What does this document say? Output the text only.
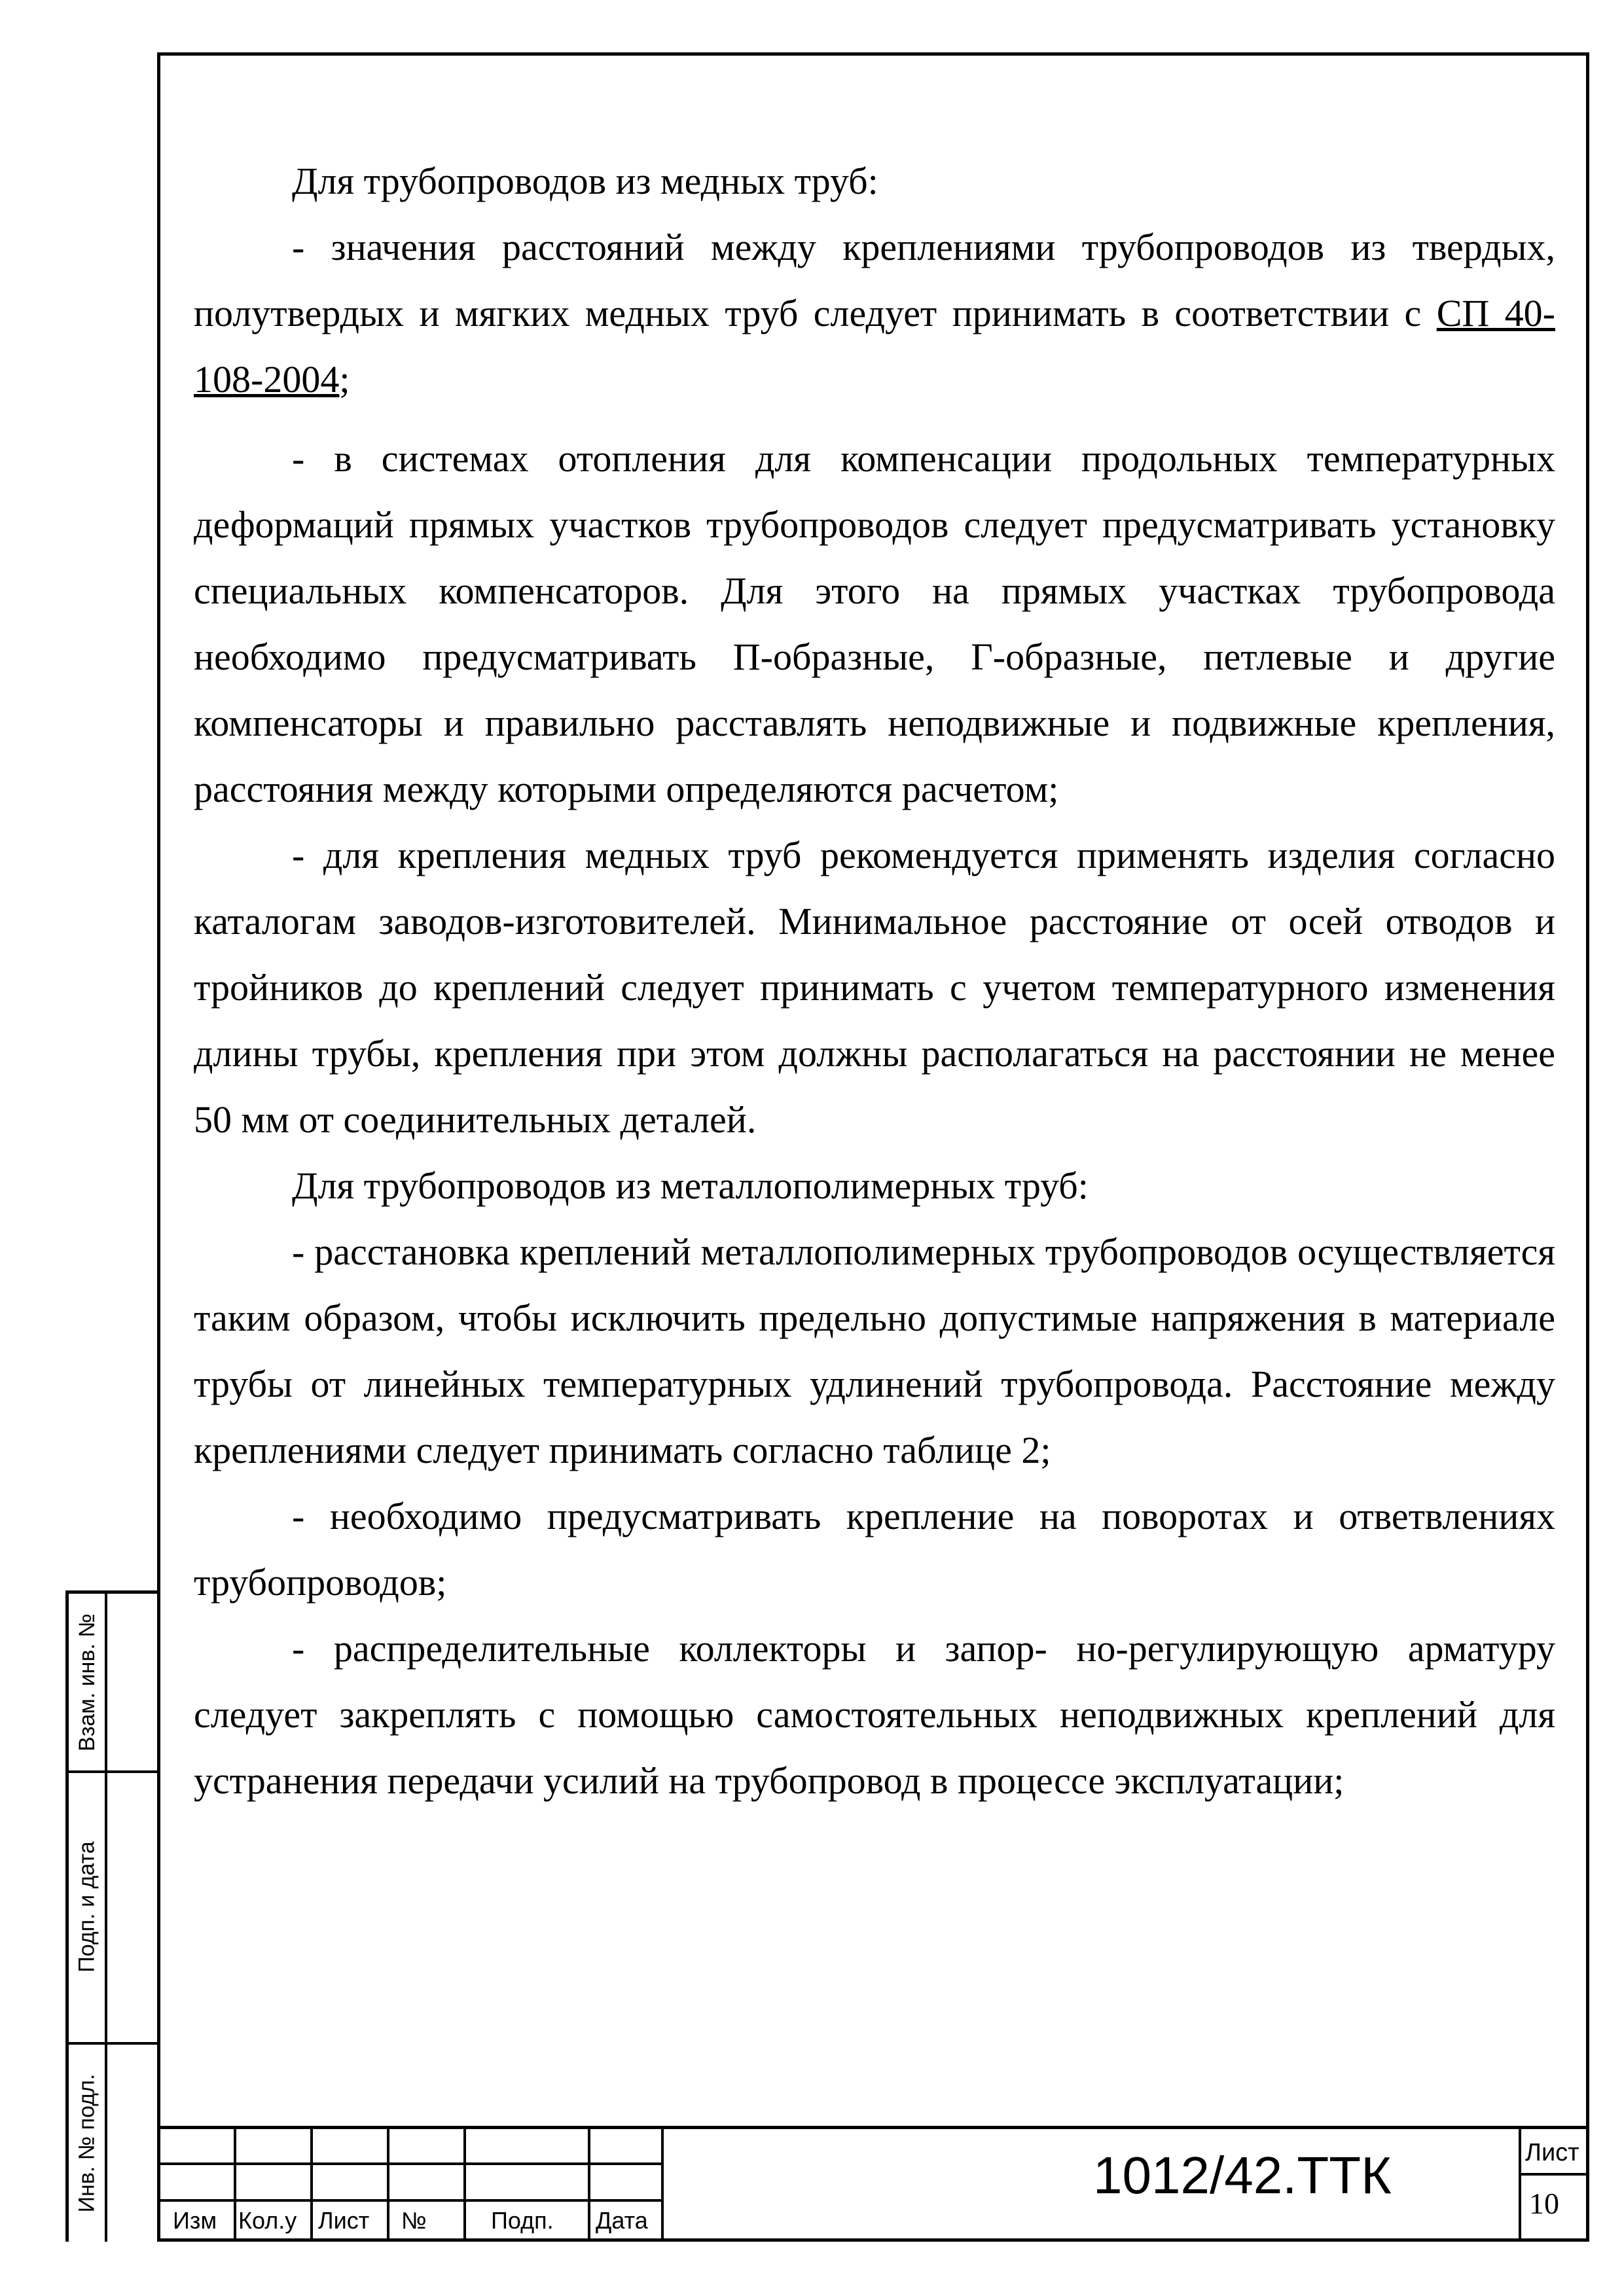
Для трубопроводов из медных труб:

- значения расстояний между креплениями трубопроводов из твердых, полутвердых и мягких медных труб следует принимать в соответствии с СП 40-108-2004;

- в системах отопления для компенсации продольных температурных деформаций прямых участков трубопроводов следует предусматривать установку специальных компенсаторов. Для этого на прямых участках трубопровода необходимо предусматривать П-образные, Г-образные, петлевые и другие компенсаторы и правильно расставлять неподвижные и подвижные крепления, расстояния между которыми определяются расчетом;

- для крепления медных труб рекомендуется применять изделия согласно каталогам заводов-изготовителей. Минимальное расстояние от осей отводов и тройников до креплений следует принимать с учетом температурного изменения длины трубы, крепления при этом должны располагаться на расстоянии не менее 50 мм от соединительных деталей.

Для трубопроводов из металлополимерных труб:

- расстановка креплений металлополимерных трубопроводов осуществляется таким образом, чтобы исключить предельно допустимые напряжения в материале трубы от линейных температурных удлинений трубопровода. Расстояние между креплениями следует принимать согласно таблице 2;

- необходимо предусматривать крепление на поворотах и ответвлениях трубопроводов;

- распределительные коллекторы и запор- но-регулирующую арматуру следует закреплять с помощью самостоятельных неподвижных креплений для устранения передачи усилий на трубопровод в процессе эксплуатации;

Взам. инв. №
Подп. и дата
Инв. № подл.
Изм Кол.у Лист №	Подп. Дата
1012/42.ТТК	Лист
10
